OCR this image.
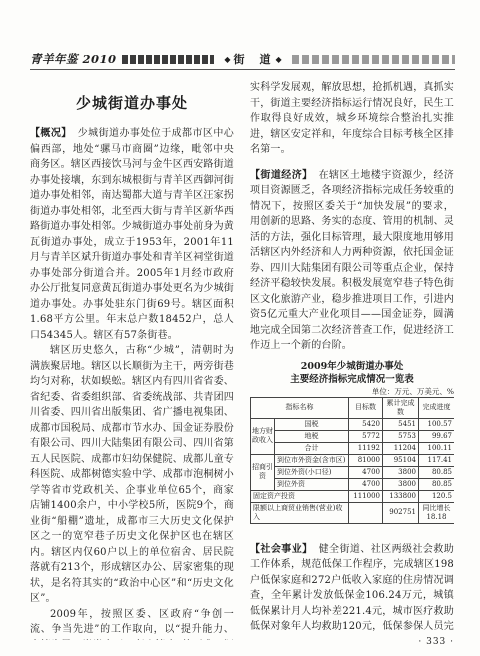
青羊年鉴 2010 ◆	街　道
◆
少城街道办事处

【概况】 少城街道办事处位于成都市区中心偏西部，地处“骡马市商圈”边缘，毗邻中央商务区。辖区西接饮马河与金牛区西安路街道办事处接壤，东到东城根街与青羊区西御河街道办事处相邻，南达蜀都大道与青羊区汪家拐街道办事处相邻，北至西大街与青羊区新华西路街道办事处相邻。少城街道办事处前身为黄瓦街道办事处，成立于1953年，2001年11月与青羊区斌升街道办事处和青羊区祠堂街道办事处部分街道合并。2005年1月经市政府办公厅批复同意黄瓦街道办事处更名为少城街道办事处。办事处驻东门街69号。辖区面积1.68平方公里。年末总户数18452户，总人口54345人。辖区有57条街巷。

辖区历史悠久，古称“少城”，清朝时为满族聚居地。辖区以长顺街为主干，两旁街巷均匀对称，状如蜈蚣。辖区内有四川省省委、省纪委、省委组织部、省委统战部、共青团四川省委、四川省出版集团、省广播电视集团、成都市国税局、成都市节水办、国金证券股份有限公司、四川大陆集团有限公司、四川省第五人民医院、成都市妇幼保健院、成都儿童专科医院、成都树德实验中学、成都市泡桐树小学等省市党政机关、企事业单位65个，商家店铺1400余户，中小学校5所，医院9个，商业街“船棚”遗址，成都市三大历史文化保护区之一的宽窄巷子历史文化保护区也在辖区内。辖区内仅60户以上的单位宿舍、居民院落就有213个，形成辖区办公、居家密集的现状，是名符其实的“政治中心区”和“历史文化区”。

2009年，按照区委、区政府“争创一流、争当先进”的工作取向，以“提升能力、

实科学发展观，解放思想，抢抓机遇，真抓实干，街道主要经济指标运行情况良好，民生工作取得良好成效，城乡环境综合整治扎实推进，辖区安定祥和，年度综合目标考核全区排名第一。

【街道经济】 在辖区土地楼宇资源少，经济项目资源匮乏，各项经济指标完成任务较重的情况下，按照区委关于“加快发展”的要求，用创新的思路、务实的态度、管用的机制、灵活的方法，强化目标管理，最大限度地用够用活辖区内外经济和人力两种资源，依托国金证券、四川大陆集团有限公司等重点企业，保持经济平稳较快发展。积极发展宽窄巷子特色街区文化旅游产业，稳步推进项目工作，引进内资5亿元重大产业化项目——国金证券，圆满地完成全国第二次经济普查工作，促进经济工作迈上一个新的台阶。

2009年少城街道办事处
主要经济指标完成情况一览表
单位：万元、万美元、%
指标名称		目标数	累计完成数	完成进度
地方财政收入	国税	5420	5451	100.57
	地税	5772	5753	99.67
	合计	11192	11204	100.11
招商引资	到位市外资金(含市区)	81000	95104	117.41
	到位外资(小口径)	4700	3800	80.85
	到位外资	4700	3800	80.85
固定资产投资		111000	133800	120.5
限额以上商贸业销售(营业)收入			902751	同比增长
18.18

【社会事业】 健全街道、社区两级社会救助工作体系，规范低保工作程序，完成辖区198户低保家庭和272户低收入家庭的住房情况调查，全年累计发放低保金106.24万元，城镇低保累计月人均补差221.4元，城市医疗救助低保对象年人均救助120元，低保参保人员完

· 333 ·
